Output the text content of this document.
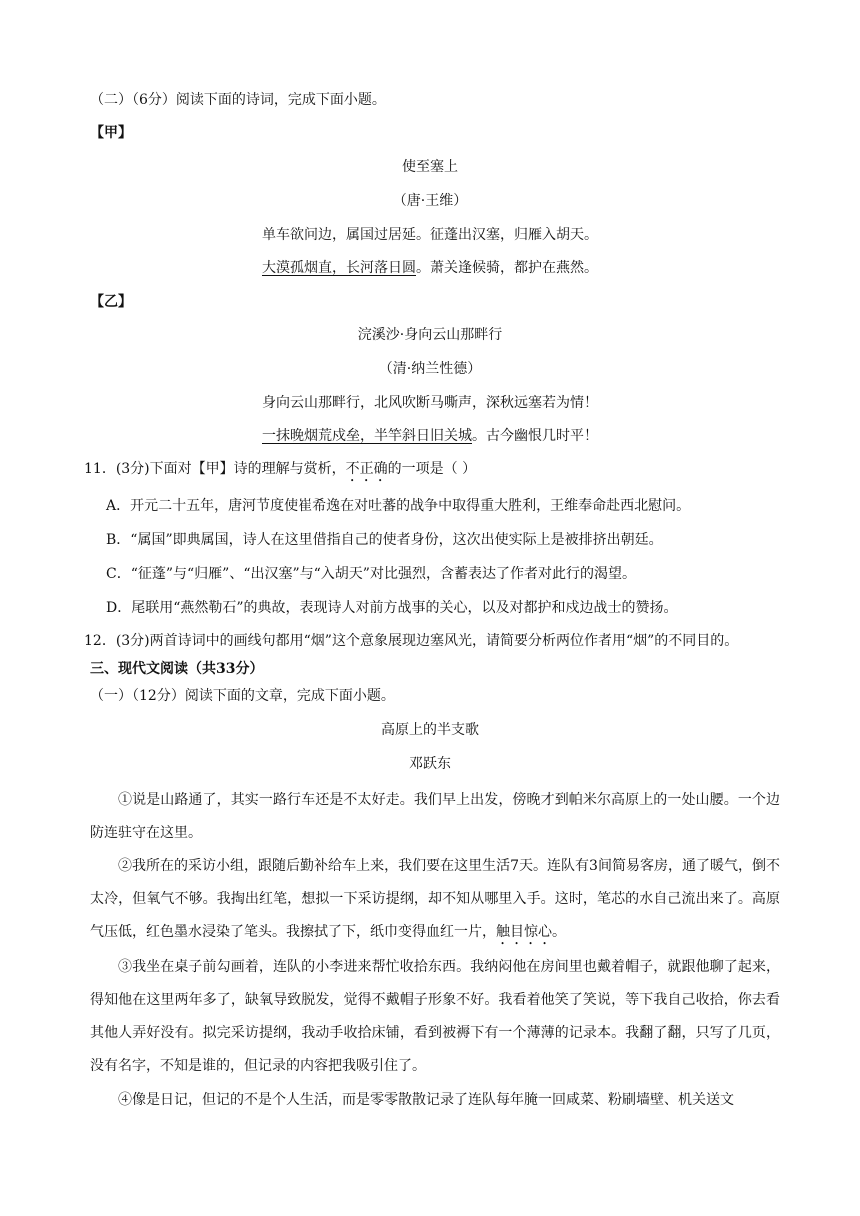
（二）（6分）阅读下面的诗词，完成下面小题。
【甲】
使至塞上
（唐·王维）
单车欲问边，属国过居延。征蓬出汉塞，归雁入胡天。
大漠孤烟直，长河落日圆。萧关逢候骑，都护在燕然。
【乙】
浣溪沙·身向云山那畔行
（清·纳兰性德）
身向云山那畔行，北风吹断马嘶声，深秋远塞若为情！
一抹晚烟荒戍垒，半竿斜日旧关城。古今幽恨几时平！
11．(3分)下面对【甲】诗的理解与赏析，不正确的一项是（ ）
A．开元二十五年，唐河节度使崔希逸在对吐蕃的战争中取得重大胜利，王维奉命赴西北慰问。
B．“属国”即典属国，诗人在这里借指自己的使者身份，这次出使实际上是被排挤出朝廷。
C．“征蓬”与“归雁”、“出汉塞”与“入胡天”对比强烈，含蓄表达了作者对此行的渴望。
D．尾联用“燕然勒石”的典故，表现诗人对前方战事的关心，以及对都护和戍边战士的赞扬。
12．(3分)两首诗词中的画线句都用“烟”这个意象展现边塞风光，请简要分析两位作者用“烟”的不同目的。
三、现代文阅读（共33分）
（一）（12分）阅读下面的文章，完成下面小题。
高原上的半支歌
邓跃东
①说是山路通了，其实一路行车还是不太好走。我们早上出发，傍晚才到帕米尔高原上的一处山腰。一个边防连驻守在这里。
②我所在的采访小组，跟随后勤补给车上来，我们要在这里生活7天。连队有3间简易客房，通了暖气，倒不太冷，但氧气不够。我掏出红笔，想拟一下采访提纲，却不知从哪里入手。这时，笔芯的水自己流出来了。高原气压低，红色墨水浸染了笔头。我擦拭了下，纸巾变得血红一片，触目惊心。
③我坐在桌子前勾画着，连队的小李进来帮忙收拾东西。我纳闷他在房间里也戴着帽子，就跟他聊了起来，得知他在这里两年多了，缺氧导致脱发，觉得不戴帽子形象不好。我看着他笑了笑说，等下我自己收拾，你去看其他人弄好没有。拟完采访提纲，我动手收拾床铺，看到被褥下有一个薄薄的记录本。我翻了翻，只写了几页，没有名字，不知是谁的，但记录的内容把我吸引住了。
④像是日记，但记的不是个人生活，而是零零散散记录了连队每年腌一回咸菜、粉刷墙壁、机关送文
